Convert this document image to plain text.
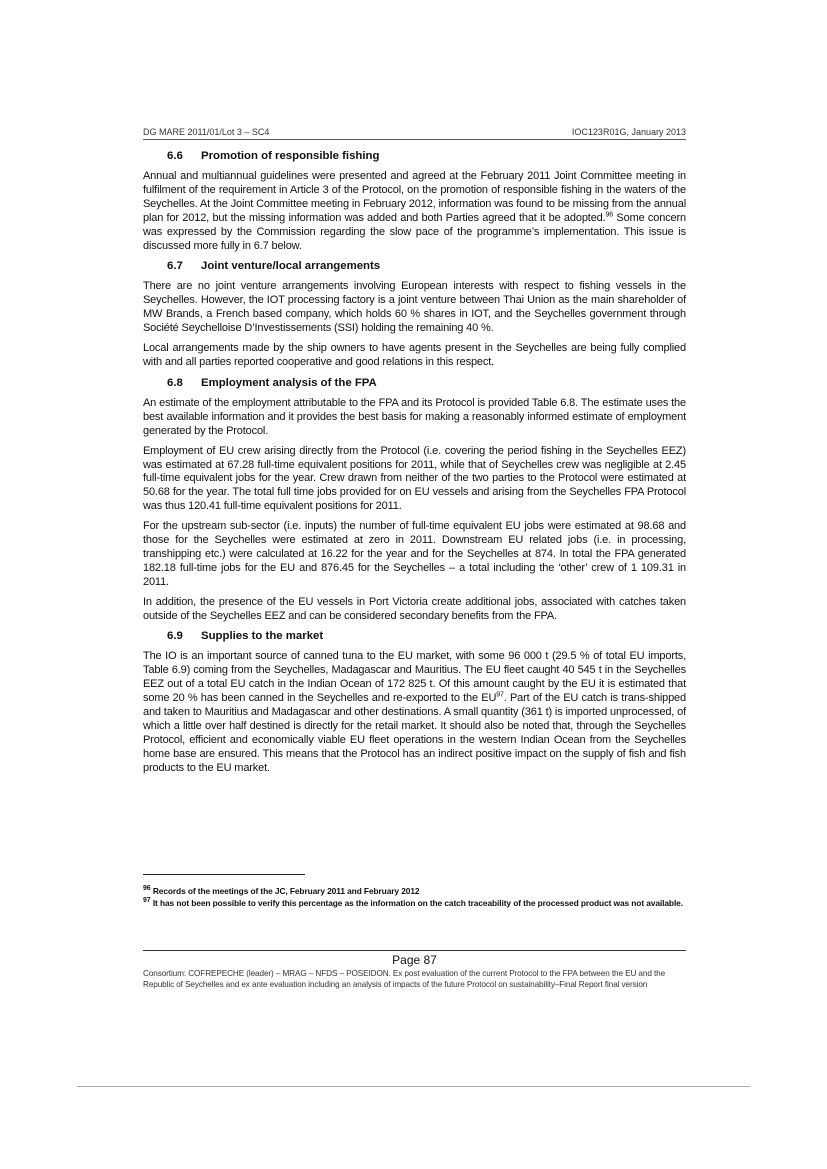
DG MARE 2011/01/Lot 3 – SC4	IOC123R01G, January 2013
6.6 Promotion of responsible fishing

Annual and multiannual guidelines were presented and agreed at the February 2011 Joint Committee meeting in fulfilment of the requirement in Article 3 of the Protocol, on the promotion of responsible fishing in the waters of the Seychelles. At the Joint Committee meeting in February 2012, information was found to be missing from the annual plan for 2012, but the missing information was added and both Parties agreed that it be adopted.$^{96}$ Some concern was expressed by the Commission regarding the slow pace of the programme’s implementation. This issue is discussed more fully in 6.7 below.

6.7 Joint venture/local arrangements

There are no joint venture arrangements involving European interests with respect to fishing vessels in the Seychelles. However, the IOT processing factory is a joint venture between Thai Union as the main shareholder of MW Brands, a French based company, which holds 60 % shares in IOT, and the Seychelles government through Société Seychelloise D’Investissements (SSI) holding the remaining 40 %.

Local arrangements made by the ship owners to have agents present in the Seychelles are being fully complied with and all parties reported cooperative and good relations in this respect.

6.8 Employment analysis of the FPA

An estimate of the employment attributable to the FPA and its Protocol is provided Table 6.8. The estimate uses the best available information and it provides the best basis for making a reasonably informed estimate of employment generated by the Protocol.

Employment of EU crew arising directly from the Protocol (i.e. covering the period fishing in the Seychelles EEZ) was estimated at 67.28 full-time equivalent positions for 2011, while that of Seychelles crew was negligible at 2.45 full-time equivalent jobs for the year. Crew drawn from neither of the two parties to the Protocol were estimated at 50.68 for the year. The total full time jobs provided for on EU vessels and arising from the Seychelles FPA Protocol was thus 120.41 full-time equivalent positions for 2011.

For the upstream sub-sector (i.e. inputs) the number of full-time equivalent EU jobs were estimated at 98.68 and those for the Seychelles were estimated at zero in 2011. Downstream EU related jobs (i.e. in processing, transhipping etc.) were calculated at 16.22 for the year and for the Seychelles at 874. In total the FPA generated 182.18 full-time jobs for the EU and 876.45 for the Seychelles – a total including the ‘other’ crew of 1 109.31 in 2011.

In addition, the presence of the EU vessels in Port Victoria create additional jobs, associated with catches taken outside of the Seychelles EEZ and can be considered secondary benefits from the FPA.

6.9 Supplies to the market

The IO is an important source of canned tuna to the EU market, with some 96 000 t (29.5 % of total EU imports, Table 6.9) coming from the Seychelles, Madagascar and Mauritius. The EU fleet caught 40 545 t in the Seychelles EEZ out of a total EU catch in the Indian Ocean of 172 825 t. Of this amount caught by the EU it is estimated that some 20 % has been canned in the Seychelles and re-exported to the EU$^{97}$. Part of the EU catch is trans-shipped and taken to Mauritius and Madagascar and other destinations. A small quantity (361 t) is imported unprocessed, of which a little over half destined is directly for the retail market. It should also be noted that, through the Seychelles Protocol, efficient and economically viable EU fleet operations in the western Indian Ocean from the Seychelles home base are ensured. This means that the Protocol has an indirect positive impact on the supply of fish and fish products to the EU market.

$^{96}$ Records of the meetings of the JC, February 2011 and February 2012

$^{97}$ It has not been possible to verify this percentage as the information on the catch traceability of the processed product was not available.

Page 87
Consortium: COFREPECHE (leader) – MRAG – NFDS – POSEIDON. Ex post evaluation of the current Protocol to the FPA between the EU and the Republic of Seychelles and ex ante evaluation including an analysis of impacts of the future Protocol on sustainability–Final Report final version
